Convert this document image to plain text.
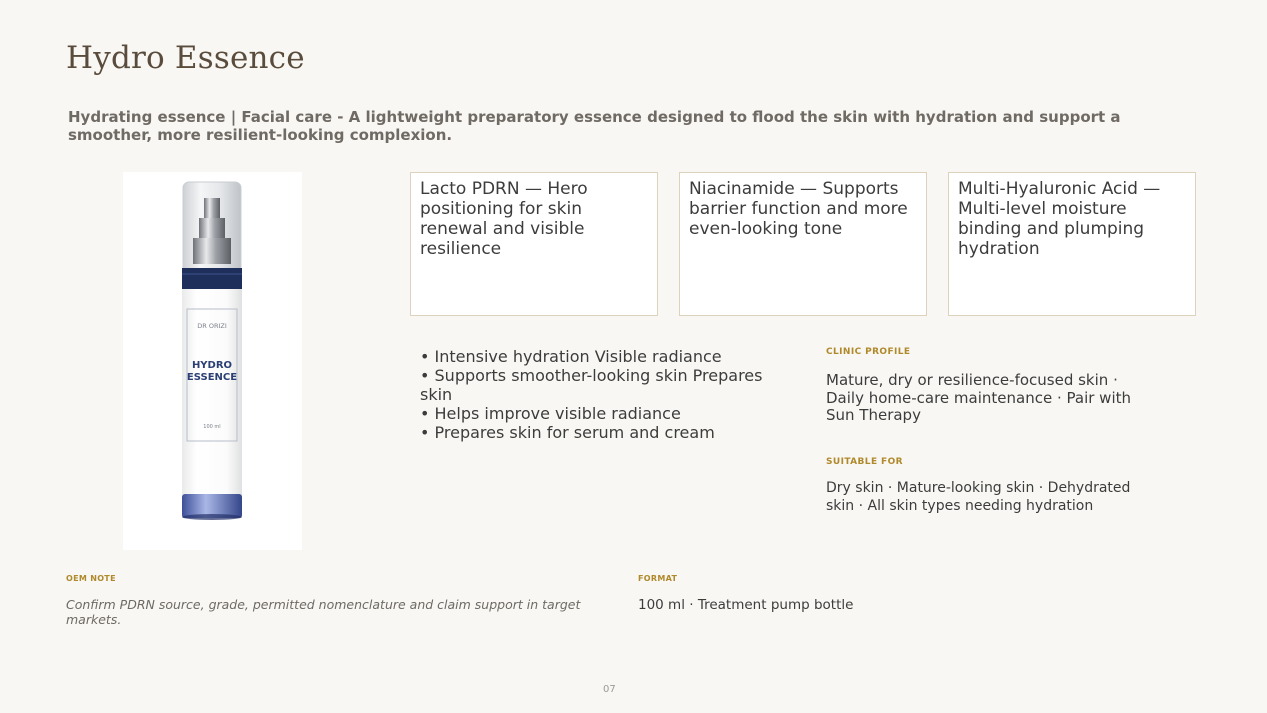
Hydro Essence

Hydrating essence | Facial care - A lightweight preparatory essence designed to flood the skin with hydration and support a smoother, more resilient-looking complexion.

DR ORIZI
HYDRO
ESSENCE
100 ml
Lacto PDRN — Hero positioning for skin renewal and visible resilience
Niacinamide — Supports barrier function and more even-looking tone
Multi-Hyaluronic Acid — Multi-level moisture binding and plumping hydration
• Intensive hydration Visible radiance
• Supports smoother-looking skin Prepares skin
• Helps improve visible radiance
• Prepares skin for serum and cream
CLINIC PROFILE
Mature, dry or resilience-focused skin · Daily home-care maintenance · Pair with Sun Therapy
SUITABLE FOR
Dry skin · Mature-looking skin · Dehydrated skin · All skin types needing hydration
OEM NOTE
Confirm PDRN source, grade, permitted nomenclature and claim support in target markets.
FORMAT
100 ml · Treatment pump bottle
07
